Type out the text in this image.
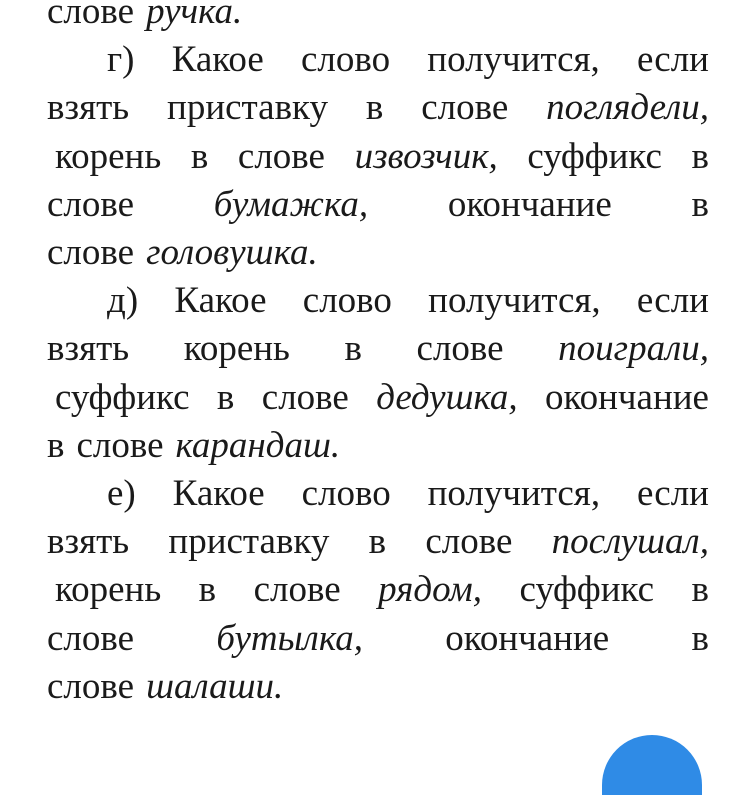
слове ручка.
г) Какое слово получится, если
взять приставку в слове поглядели,
корень в слове извозчик, суффикс в
слове бумажка, окончание в
слове головушка.
д) Какое слово получится, если
взять корень в слове поиграли,
суффикс в слове дедушка, окончание
в слове карандаш.
е) Какое слово получится, если
взять приставку в слове послушал,
корень в слове рядом, суффикс в
слове бутылка, окончание в
слове шалаши.
